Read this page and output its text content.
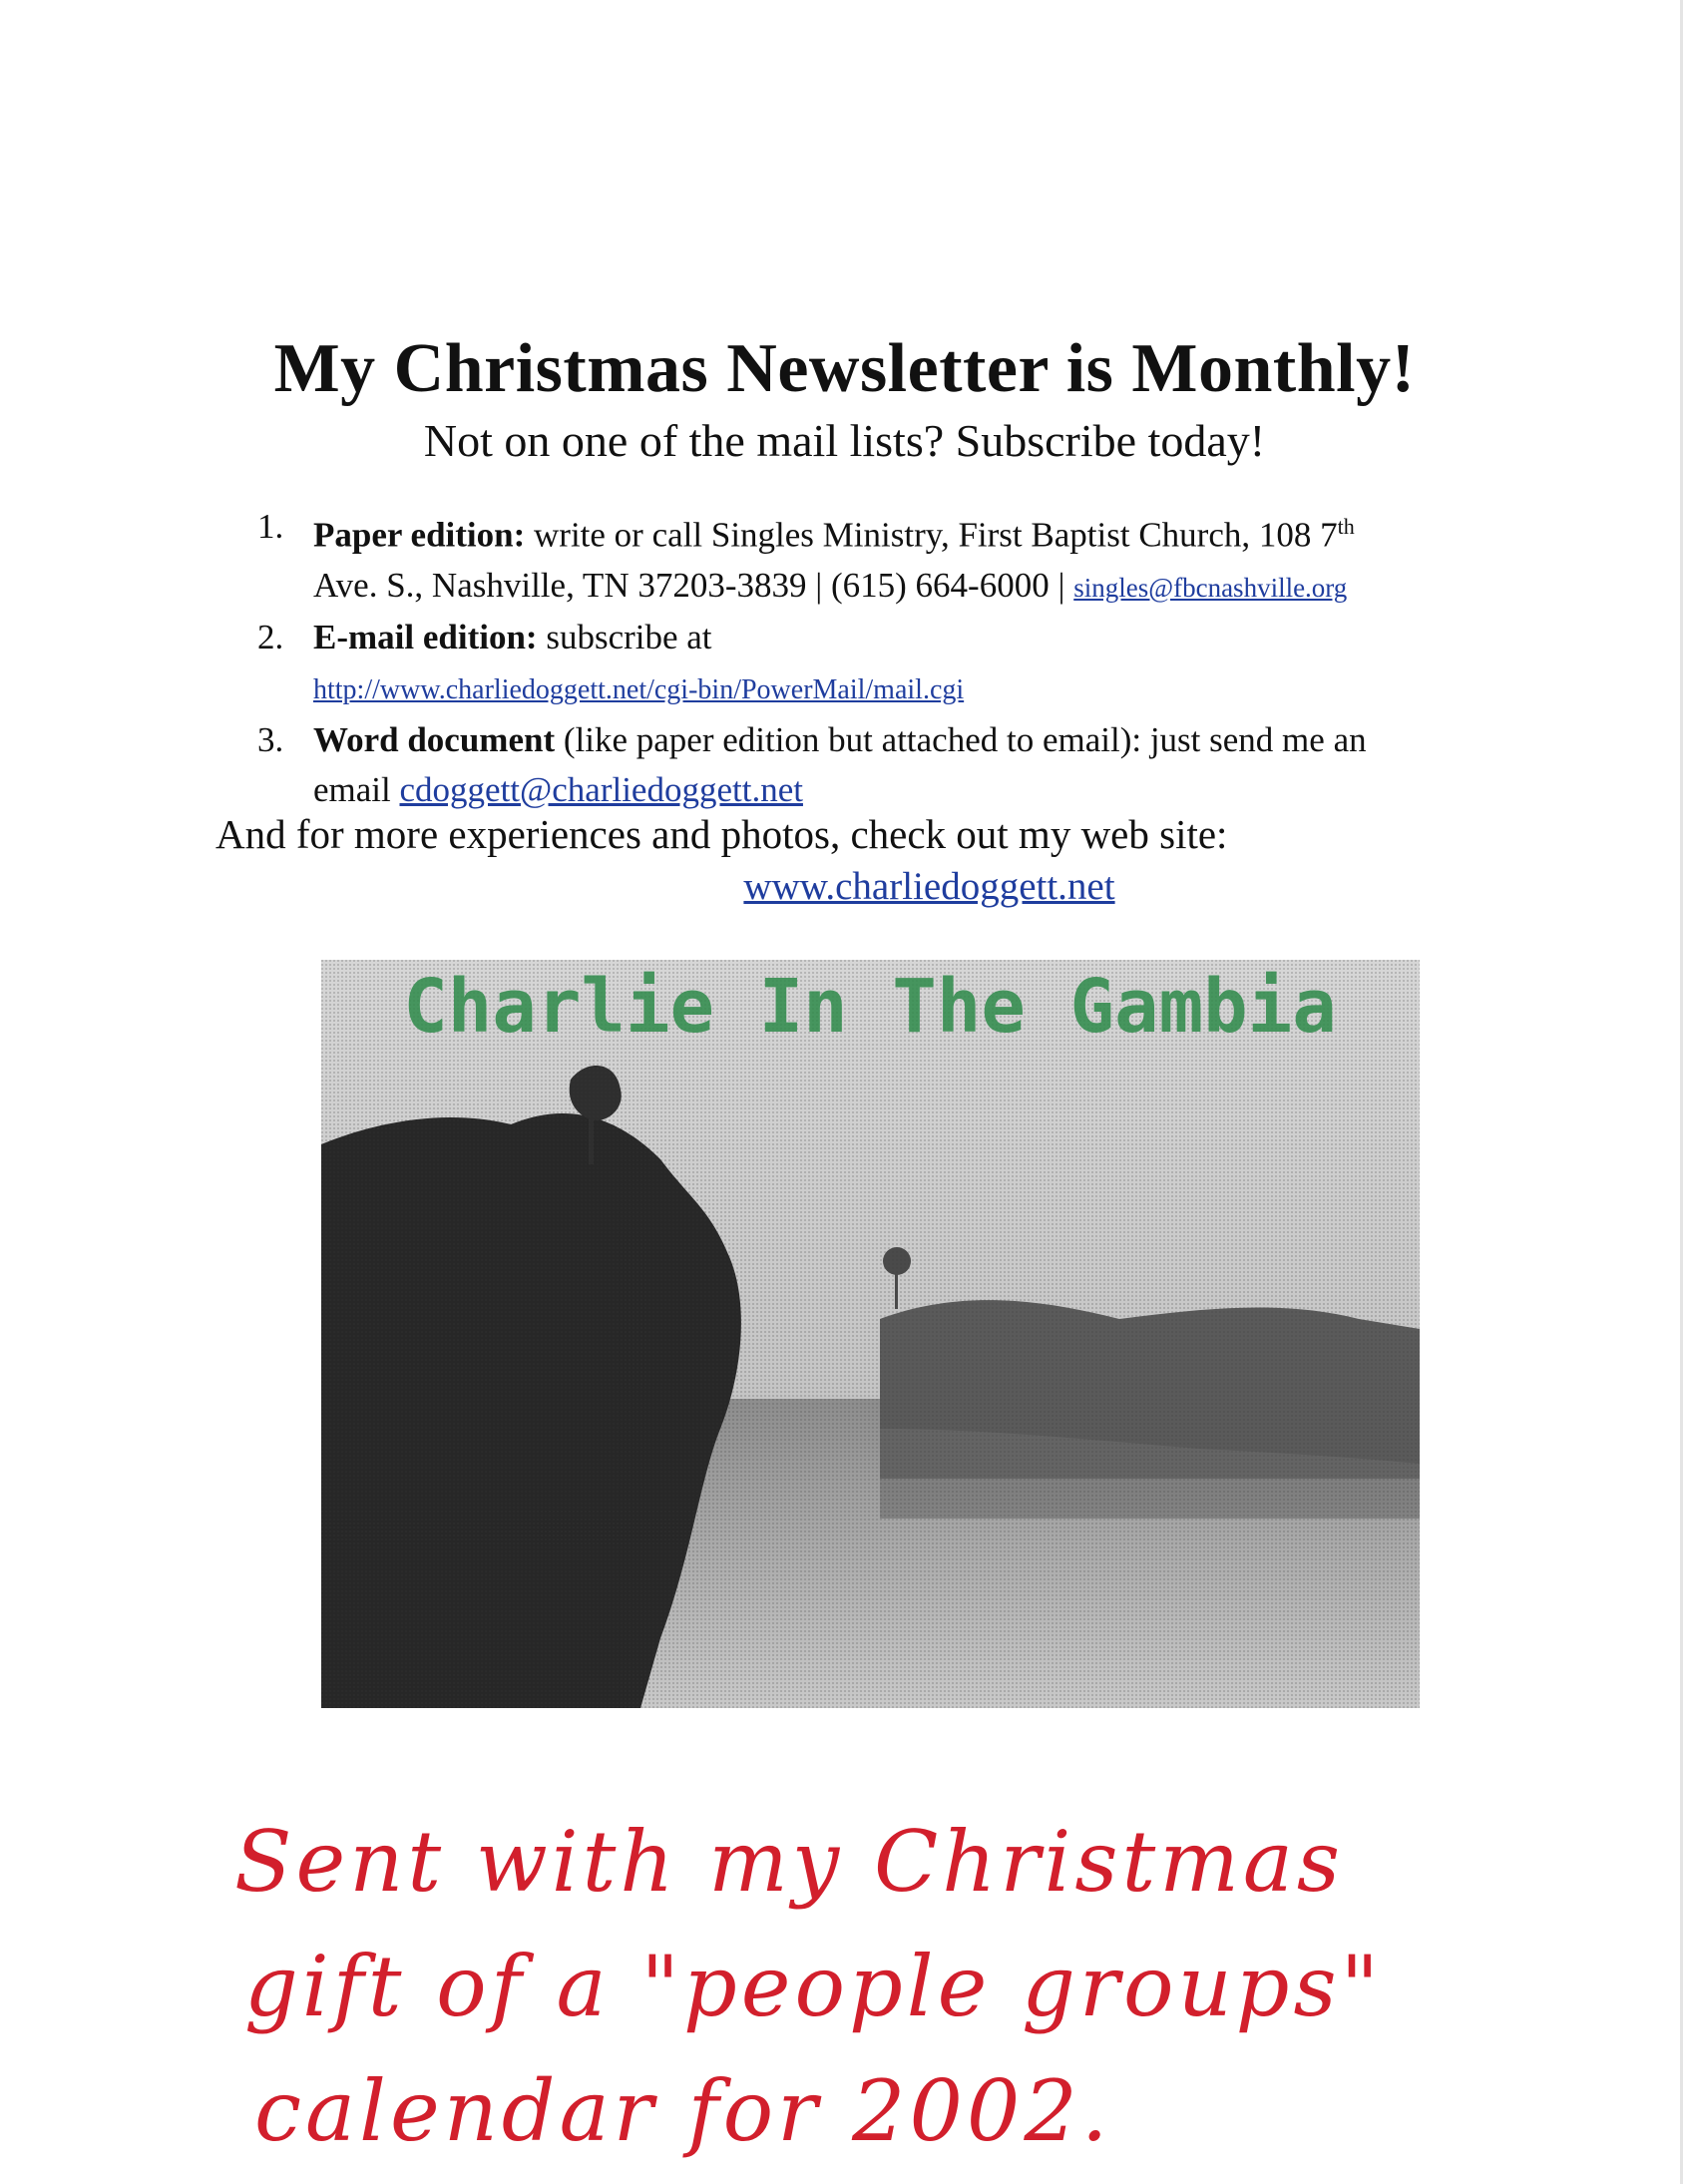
My Christmas Newsletter is Monthly!
Not on one of the mail lists? Subscribe today!
1. Paper edition: write or call Singles Ministry, First Baptist Church, 108 7th
Ave. S., Nashville, TN 37203-3839 | (615) 664-6000 | singles@fbcnashville.org
2. E-mail edition: subscribe at
http://www.charliedoggett.net/cgi-bin/PowerMail/mail.cgi
3. Word document (like paper edition but attached to email): just send me an
email cdoggett@charliedoggett.net
And for more experiences and photos, check out my web site:
www.charliedoggett.net
Charlie In The Gambia
Sent with my Christmas
gift of a "people groups"
calendar for 2002.
